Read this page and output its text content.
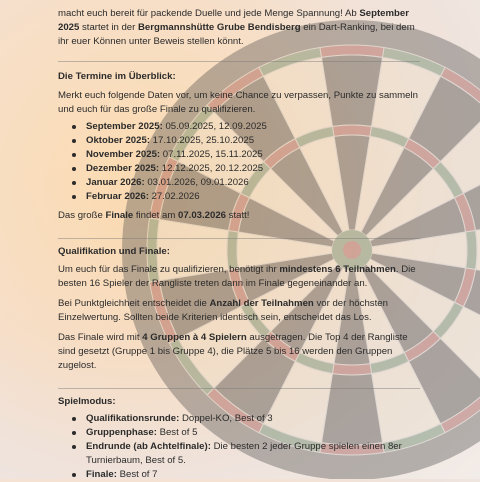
macht euch bereit für packende Duelle und jede Menge Spannung! Ab September 2025 startet in der Bergmannshütte Grube Bendisberg ein Dart-Ranking, bei dem ihr euer Können unter Beweis stellen könnt.

Die Termine im Überblick:

Merkt euch folgende Daten vor, um keine Chance zu verpassen, Punkte zu sammeln und euch für das große Finale zu qualifizieren.

September 2025: 05.09.2025, 12.09.2025
Oktober 2025: 17.10.2025, 25.10.2025
November 2025: 07.11.2025, 15.11.2025
Dezember 2025: 12.12.2025, 20.12.2025
Januar 2026: 03.01.2026, 09.01.2026
Februar 2026: 27.02.2026

Das große Finale findet am 07.03.2026 statt!

Qualifikation und Finale:

Um euch für das Finale zu qualifizieren, benötigt ihr mindestens 6 Teilnahmen. Die besten 16 Spieler der Rangliste treten dann im Finale gegeneinander an.

Bei Punktgleichheit entscheidet die Anzahl der Teilnahmen vor der höchsten Einzelwertung. Sollten beide Kriterien identisch sein, entscheidet das Los.

Das Finale wird mit 4 Gruppen à 4 Spielern ausgetragen. Die Top 4 der Rangliste sind gesetzt (Gruppe 1 bis Gruppe 4), die Plätze 5 bis 16 werden den Gruppen zugelost.

Spielmodus:
Qualifikationsrunde: Doppel-KO, Best of 3
Gruppenphase: Best of 5
Endrunde (ab Achtelfinale): Die besten 2 jeder Gruppe spielen einen 8er Turnierbaum, Best of 5.
Finale: Best of 7
